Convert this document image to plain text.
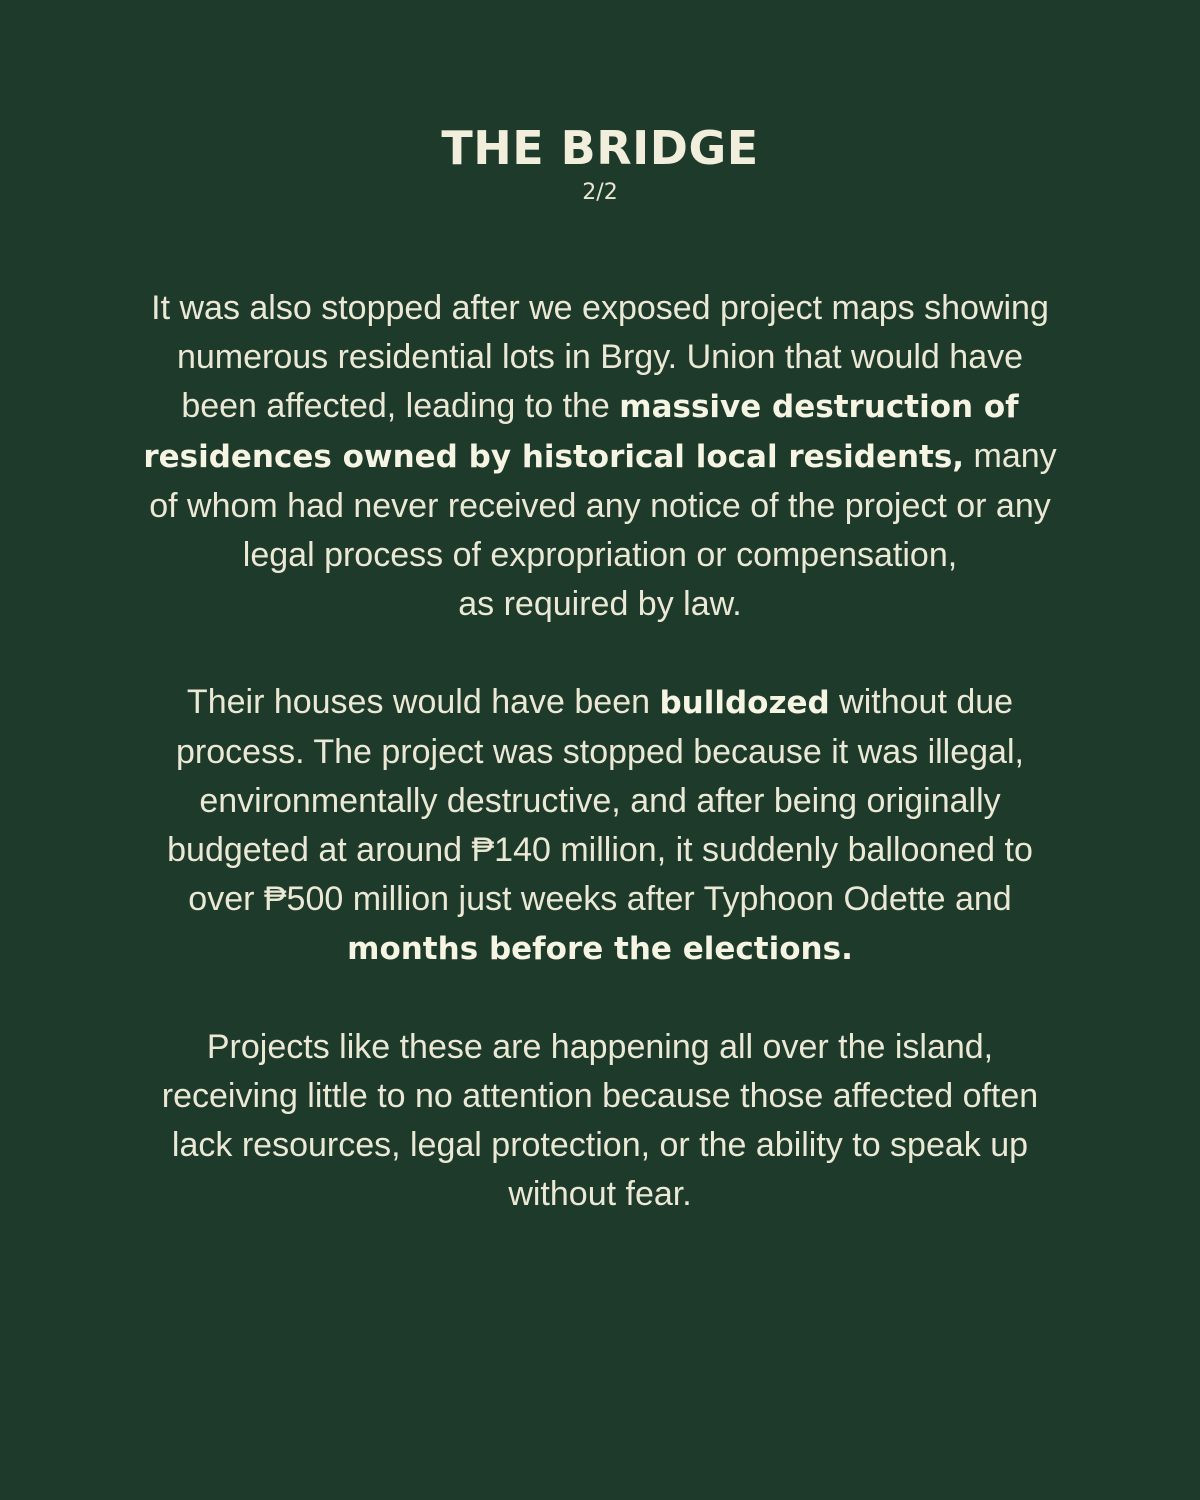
THE BRIDGE
2/2

It was also stopped after we exposed project maps showing
numerous residential lots in Brgy. Union that would have
been affected, leading to the massive destruction of
residences owned by historical local residents, many
of whom had never received any notice of the project or any
legal process of expropriation or compensation,
as required by law.

Their houses would have been bulldozed without due
process. The project was stopped because it was illegal,
environmentally destructive, and after being originally
budgeted at around ₱140 million, it suddenly ballooned to
over ₱500 million just weeks after Typhoon Odette and
months before the elections.

Projects like these are happening all over the island,
receiving little to no attention because those affected often
lack resources, legal protection, or the ability to speak up
without fear.
